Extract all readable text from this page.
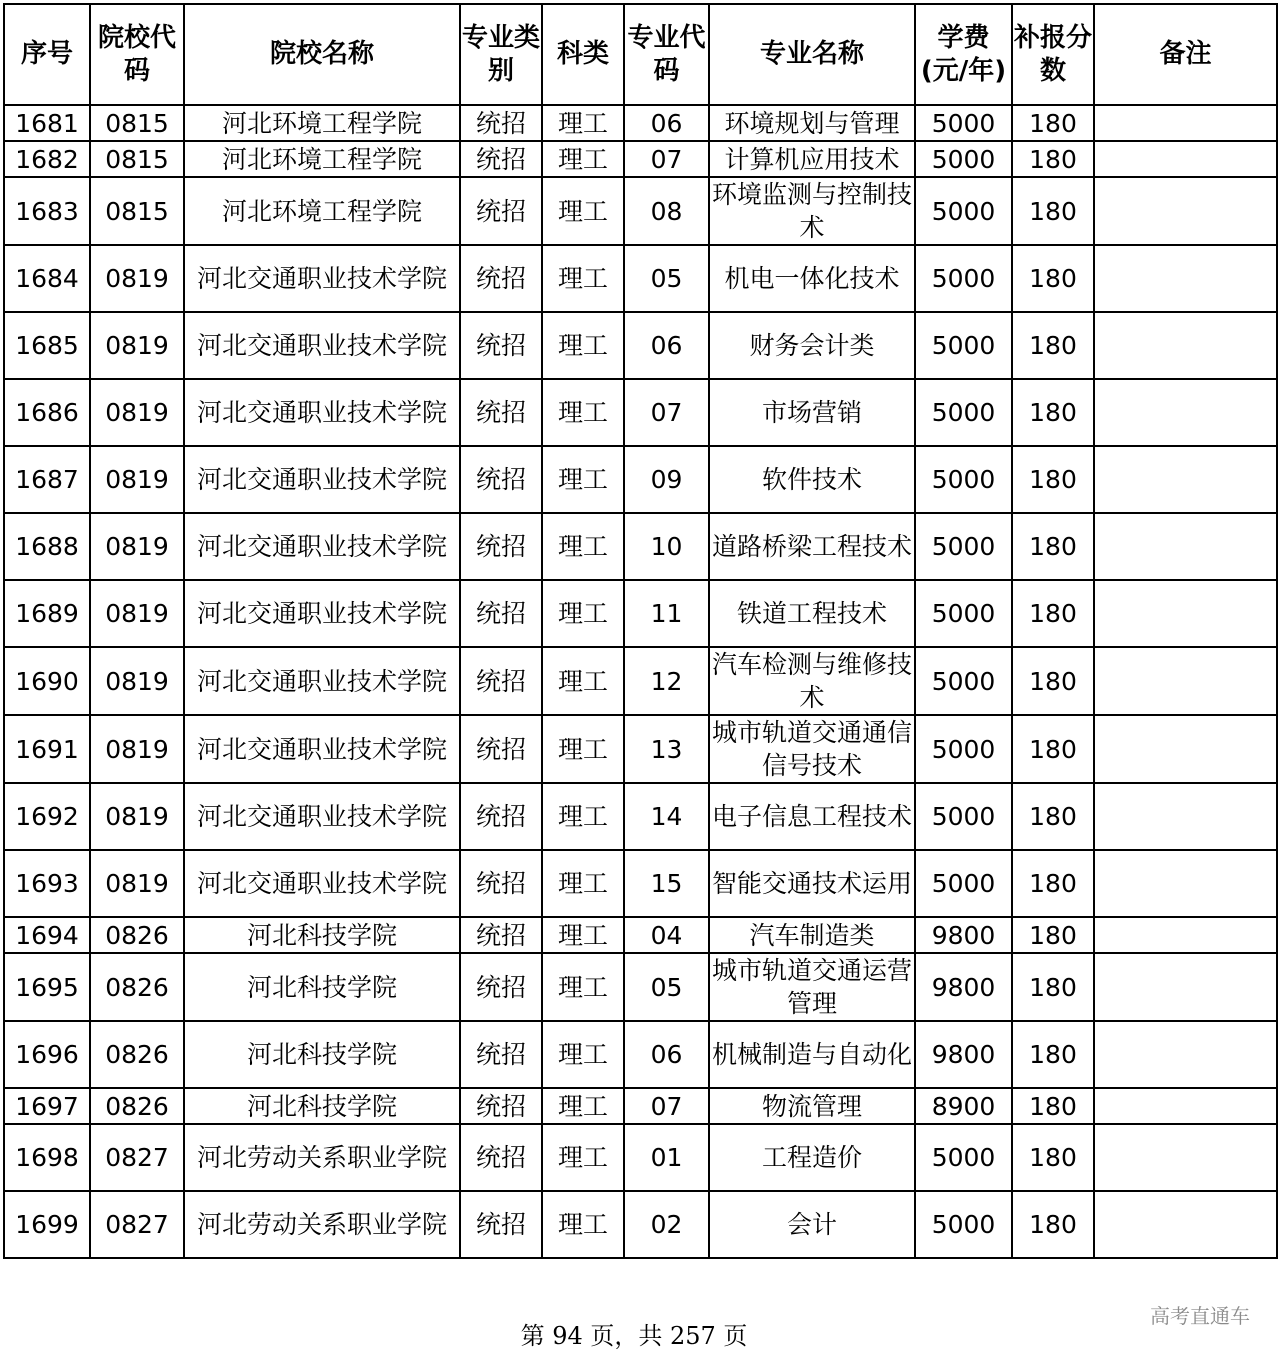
序号	院校代码	院校名称	专业类别	科类	专业代码	专业名称	学费(元/年)	补报分数	备注
1681	0815	河北环境工程学院	统招	理工	06	环境规划与管理	5000	180	
1682	0815	河北环境工程学院	统招	理工	07	计算机应用技术	5000	180	
1683	0815	河北环境工程学院	统招	理工	08	环境监测与控制技术	5000	180	
1684	0819	河北交通职业技术学院	统招	理工	05	机电一体化技术	5000	180	
1685	0819	河北交通职业技术学院	统招	理工	06	财务会计类	5000	180	
1686	0819	河北交通职业技术学院	统招	理工	07	市场营销	5000	180	
1687	0819	河北交通职业技术学院	统招	理工	09	软件技术	5000	180	
1688	0819	河北交通职业技术学院	统招	理工	10	道路桥梁工程技术	5000	180	
1689	0819	河北交通职业技术学院	统招	理工	11	铁道工程技术	5000	180	
1690	0819	河北交通职业技术学院	统招	理工	12	汽车检测与维修技术	5000	180	
1691	0819	河北交通职业技术学院	统招	理工	13	城市轨道交通通信信号技术	5000	180	
1692	0819	河北交通职业技术学院	统招	理工	14	电子信息工程技术	5000	180	
1693	0819	河北交通职业技术学院	统招	理工	15	智能交通技术运用	5000	180	
1694	0826	河北科技学院	统招	理工	04	汽车制造类	9800	180	
1695	0826	河北科技学院	统招	理工	05	城市轨道交通运营管理	9800	180	
1696	0826	河北科技学院	统招	理工	06	机械制造与自动化	9800	180	
1697	0826	河北科技学院	统招	理工	07	物流管理	8900	180	
1698	0827	河北劳动关系职业学院	统招	理工	01	工程造价	5000	180	
1699	0827	河北劳动关系职业学院	统招	理工	02	会计	5000	180	
第 94 页，共 257 页
高考直通车
